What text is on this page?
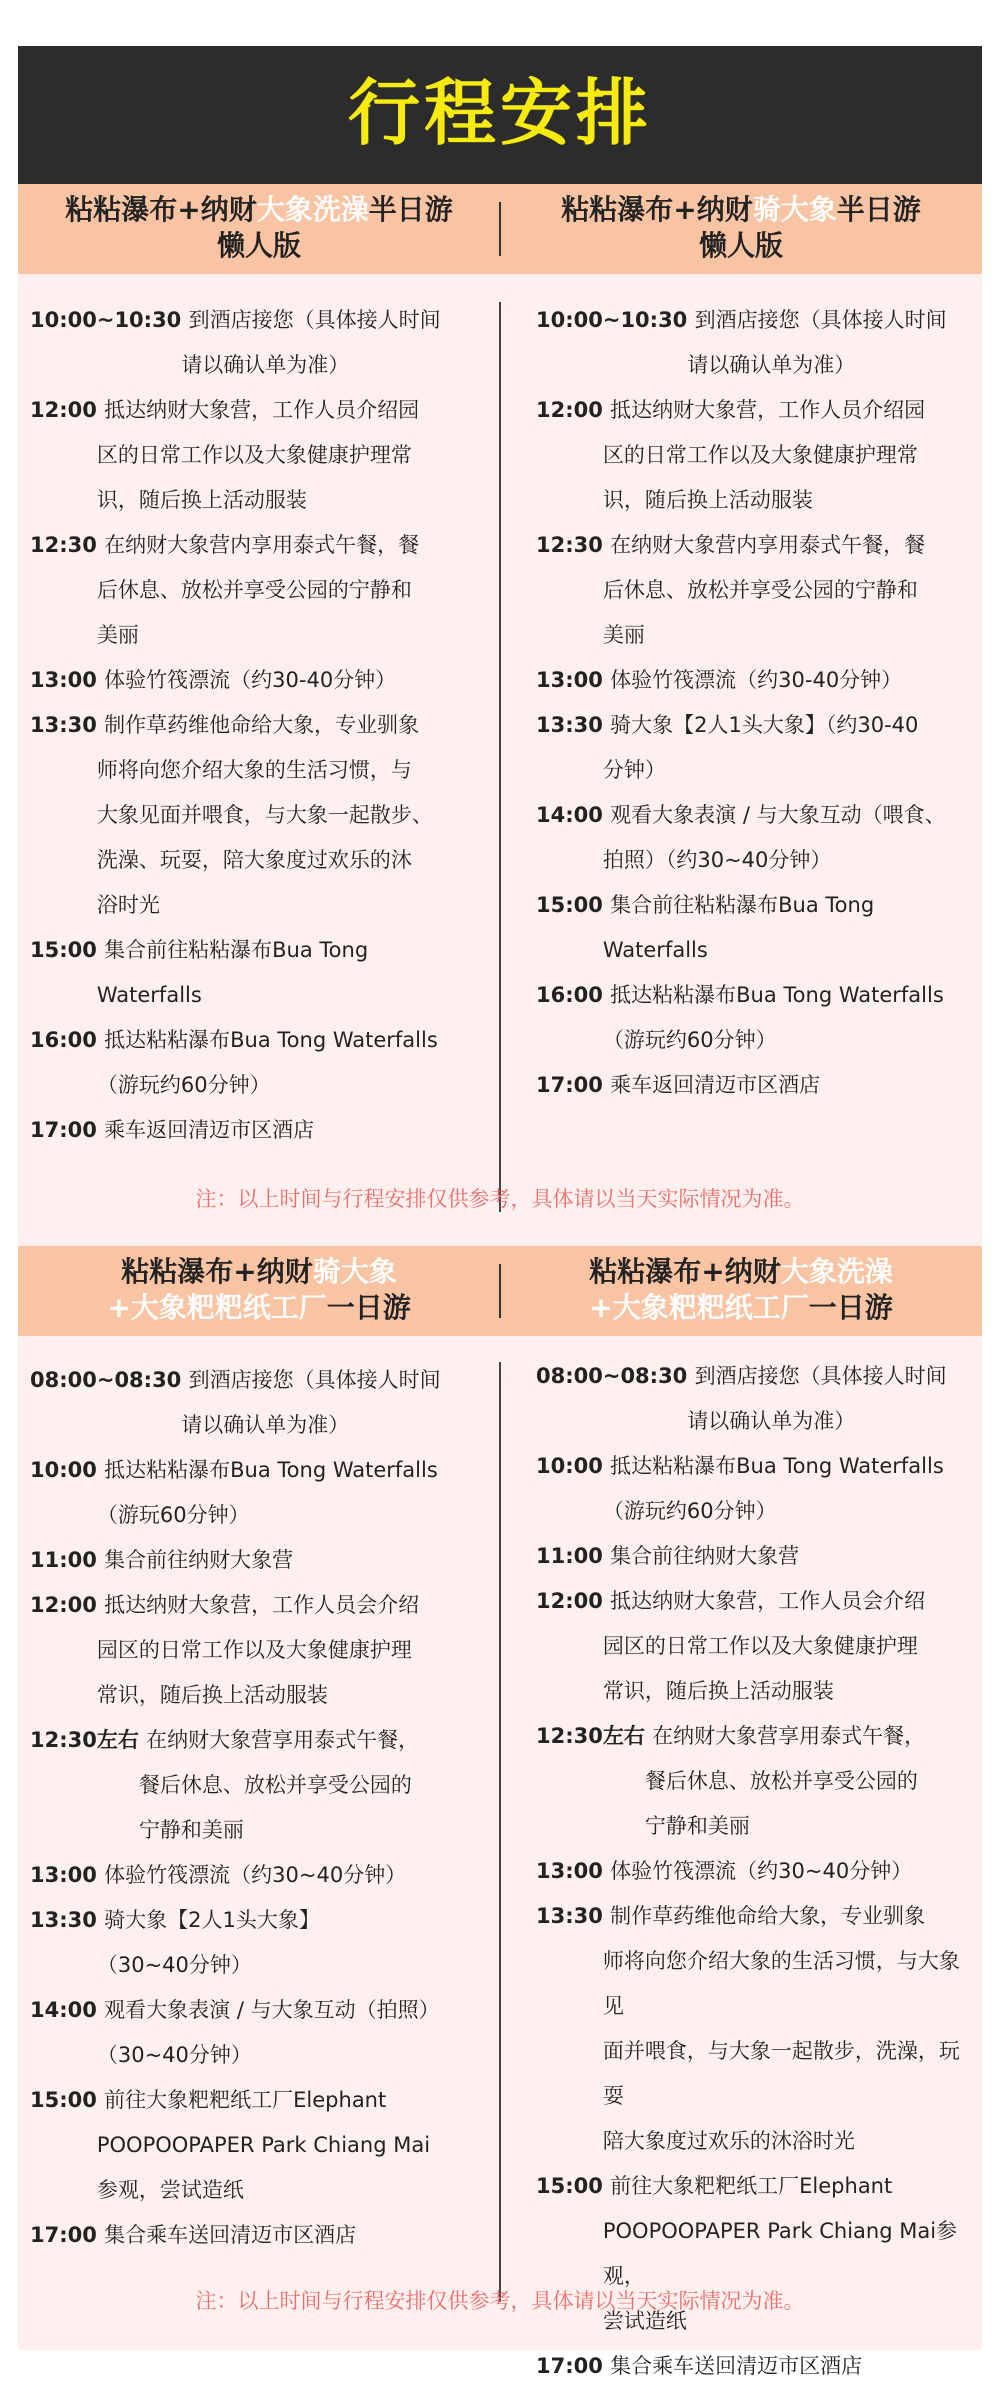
行程安排
粘粘瀑布+纳财大象洗澡半日游
懒人版
粘粘瀑布+纳财骑大象半日游
懒人版
10:00~10:30 到酒店接您（具体接人时间
请以确认单为准）
12:00 抵达纳财大象营，工作人员介绍园
区的日常工作以及大象健康护理常
识，随后换上活动服装
12:30 在纳财大象营内享用泰式午餐，餐
后休息、放松并享受公园的宁静和
美丽
13:00 体验竹筏漂流（约30-40分钟）
13:30 制作草药维他命给大象，专业驯象
师将向您介绍大象的生活习惯，与
大象见面并喂食，与大象一起散步、
洗澡、玩耍，陪大象度过欢乐的沐
浴时光
15:00 集合前往粘粘瀑布Bua Tong
Waterfalls
16:00 抵达粘粘瀑布Bua Tong Waterfalls
（游玩约60分钟）
17:00 乘车返回清迈市区酒店
10:00~10:30 到酒店接您（具体接人时间
请以确认单为准）
12:00 抵达纳财大象营，工作人员介绍园
区的日常工作以及大象健康护理常
识，随后换上活动服装
12:30 在纳财大象营内享用泰式午餐，餐
后休息、放松并享受公园的宁静和
美丽
13:00 体验竹筏漂流（约30-40分钟）
13:30 骑大象【2人1头大象】（约30-40
分钟）
14:00 观看大象表演 / 与大象互动（喂食、
拍照）（约30~40分钟）
15:00 集合前往粘粘瀑布Bua Tong
Waterfalls
16:00 抵达粘粘瀑布Bua Tong Waterfalls
（游玩约60分钟）
17:00 乘车返回清迈市区酒店
注：以上时间与行程安排仅供参考，具体请以当天实际情况为准。
粘粘瀑布+纳财骑大象
+大象粑粑纸工厂一日游
粘粘瀑布+纳财大象洗澡
+大象粑粑纸工厂一日游
08:00~08:30 到酒店接您（具体接人时间
请以确认单为准）
10:00 抵达粘粘瀑布Bua Tong Waterfalls
（游玩60分钟）
11:00 集合前往纳财大象营
12:00 抵达纳财大象营，工作人员会介绍
园区的日常工作以及大象健康护理
常识，随后换上活动服装
12:30左右 在纳财大象营享用泰式午餐，
餐后休息、放松并享受公园的
宁静和美丽
13:00 体验竹筏漂流（约30~40分钟）
13:30 骑大象【2人1头大象】
（30~40分钟）
14:00 观看大象表演 / 与大象互动（拍照）
（30~40分钟）
15:00 前往大象粑粑纸工厂Elephant
POOPOOPAPER Park Chiang Mai
参观，尝试造纸
17:00 集合乘车送回清迈市区酒店
08:00~08:30 到酒店接您（具体接人时间
请以确认单为准）
10:00 抵达粘粘瀑布Bua Tong Waterfalls
（游玩约60分钟）
11:00 集合前往纳财大象营
12:00 抵达纳财大象营，工作人员会介绍
园区的日常工作以及大象健康护理
常识，随后换上活动服装
12:30左右 在纳财大象营享用泰式午餐，
餐后休息、放松并享受公园的
宁静和美丽
13:00 体验竹筏漂流（约30~40分钟）
13:30 制作草药维他命给大象，专业驯象
师将向您介绍大象的生活习惯，与大象见
面并喂食，与大象一起散步，洗澡，玩耍
陪大象度过欢乐的沐浴时光
15:00 前往大象粑粑纸工厂Elephant
POOPOOPAPER Park Chiang Mai参观，
尝试造纸
17:00 集合乘车送回清迈市区酒店
注：以上时间与行程安排仅供参考，具体请以当天实际情况为准。
